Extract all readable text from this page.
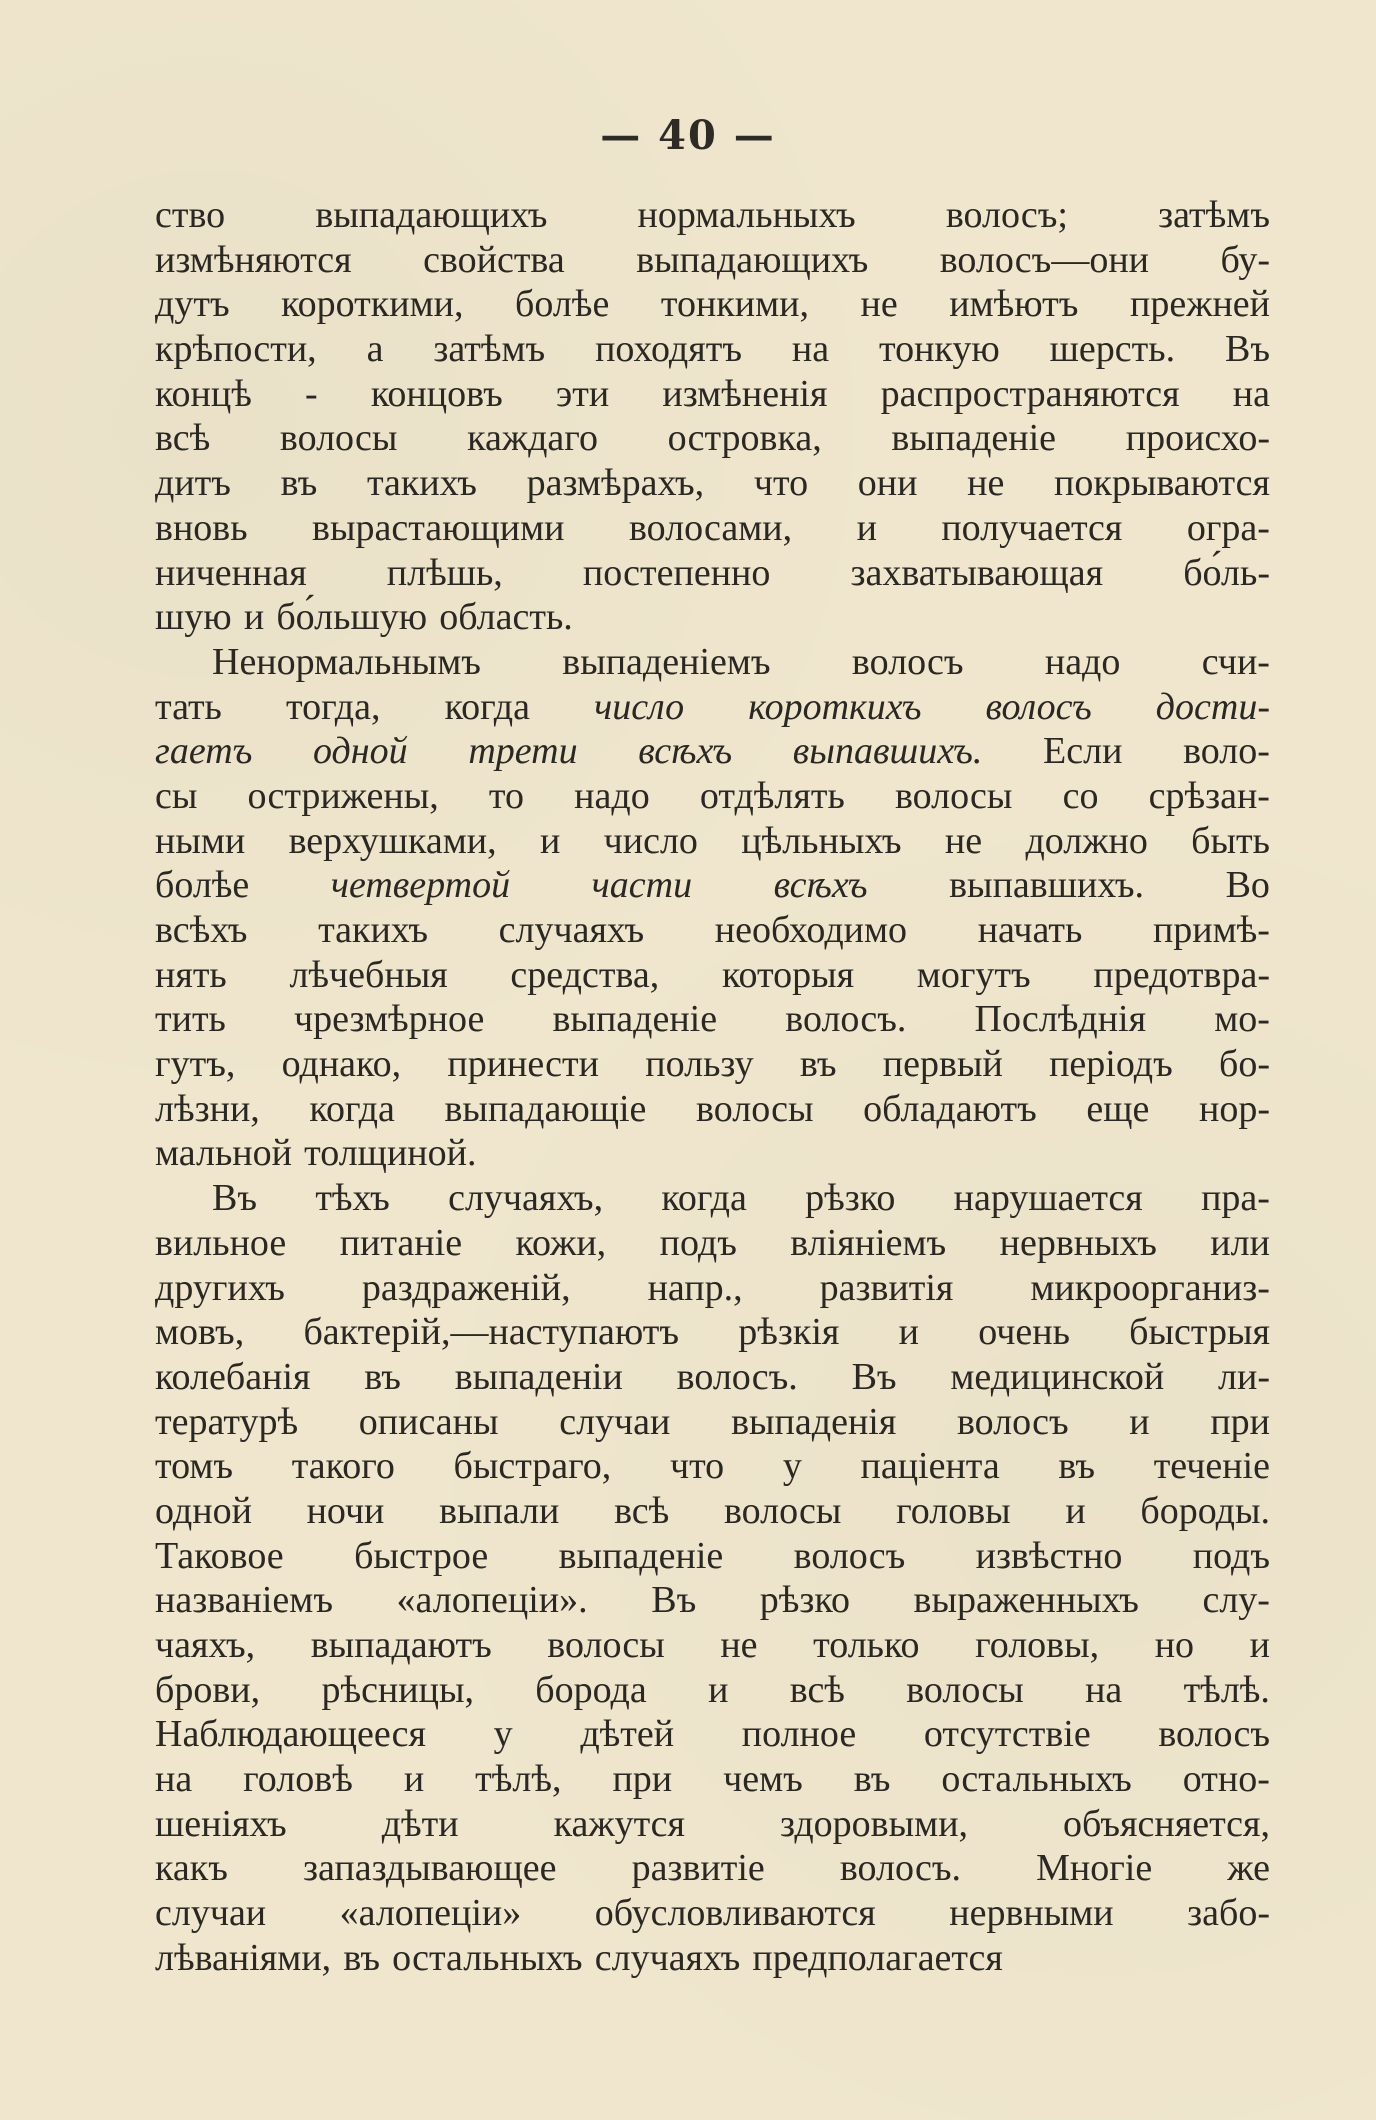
— 40 —
ство выпадающихъ нормальныхъ волосъ; затѣмъ
измѣняются свойства выпадающихъ волосъ—они бу-
дутъ короткими, болѣе тонкими, не имѣютъ прежней
крѣпости, а затѣмъ походятъ на тонкую шерсть. Въ
концѣ - концовъ эти измѣненія распространяются на
всѣ волосы каждаго островка, выпаденіе происхо-
дитъ въ такихъ размѣрахъ, что они не покрываются
вновь вырастающими волосами, и получается огра-
ниченная плѣшь, постепенно захватывающая бо́ль-
шую и бо́льшую область.
Ненормальнымъ выпаденіемъ волосъ надо счи-
тать тогда, когда число короткихъ волосъ дости-
гаетъ одной трети всѣхъ выпавшихъ. Если воло-
сы острижены, то надо отдѣлять волосы со срѣзан-
ными верхушками, и число цѣльныхъ не должно быть
болѣе четвертой части всѣхъ выпавшихъ. Во
всѣхъ такихъ случаяхъ необходимо начать примѣ-
нять лѣчебныя средства, которыя могутъ предотвра-
тить чрезмѣрное выпаденіе волосъ. Послѣднія мо-
гутъ, однако, принести пользу въ первый періодъ бо-
лѣзни, когда выпадающіе волосы обладаютъ еще нор-
мальной толщиной.
Въ тѣхъ случаяхъ, когда рѣзко нарушается пра-
вильное питаніе кожи, подъ вліяніемъ нервныхъ или
другихъ раздраженій, напр., развитія микроорганиз-
мовъ, бактерій,—наступаютъ рѣзкія и очень быстрыя
колебанія въ выпаденіи волосъ. Въ медицинской ли-
тературѣ описаны случаи выпаденія волосъ и при
томъ такого быстраго, что у паціента въ теченіе
одной ночи выпали всѣ волосы головы и бороды.
Таковое быстрое выпаденіе волосъ извѣстно подъ
названіемъ «алопеціи». Въ рѣзко выраженныхъ слу-
чаяхъ, выпадаютъ волосы не только головы, но и
брови, рѣсницы, борода и всѣ волосы на тѣлѣ.
Наблюдающееся у дѣтей полное отсутствіе волосъ
на головѣ и тѣлѣ, при чемъ въ остальныхъ отно-
шеніяхъ дѣти кажутся здоровыми, объясняется,
какъ запаздывающее развитіе волосъ. Многіе же
случаи «алопеціи» обусловливаются нервными забо-
лѣваніями, въ остальныхъ случаяхъ предполагается
